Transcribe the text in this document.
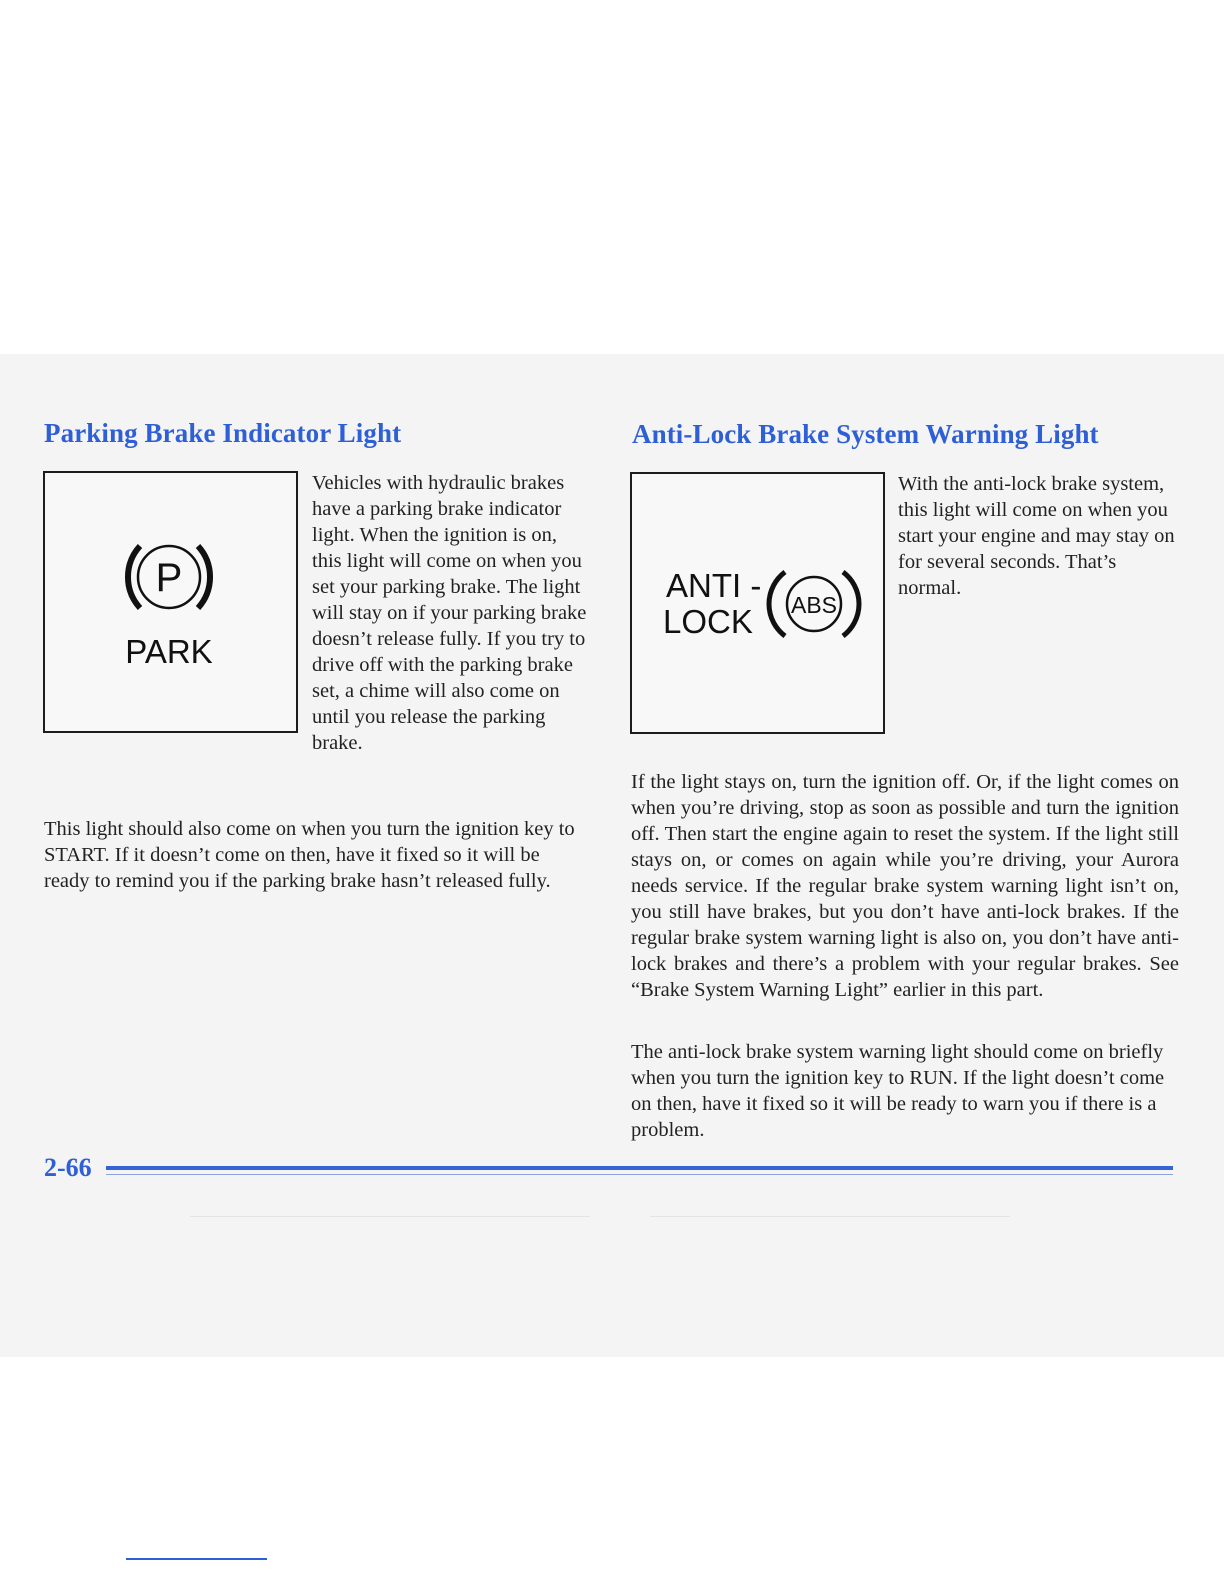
Parking Brake Indicator Light
P
PARK

Vehicles with hydraulic brakes have a parking brake indicator light. When the ignition is on, this light will come on when you set your parking brake. The light will stay on if your parking brake doesn’t release fully. If you try to drive off with the parking brake set, a chime will also come on until you release the parking brake.

This light should also come on when you turn the ignition key to START. If it doesn’t come on then, have it fixed so it will be ready to remind you if the parking brake hasn’t released fully.

Anti-Lock Brake System Warning Light
ANTI -
LOCK ABS

With the anti-lock brake system, this light will come on when you start your engine and may stay on for several seconds. That’s normal.

If the light stays on, turn the ignition off. Or, if the light comes on when you’re driving, stop as soon as possible and turn the ignition off. Then start the engine again to reset the system. If the light still stays on, or comes on again while you’re driving, your Aurora needs service. If the regular brake system warning light isn’t on, you still have brakes, but you don’t have anti-lock brakes. If the regular brake system warning light is also on, you don’t have anti-lock brakes and there’s a problem with your regular brakes. See “Brake System Warning Light” earlier in this part.

The anti-lock brake system warning light should come on briefly when you turn the ignition key to RUN. If the light doesn’t come on then, have it fixed so it will be ready to warn you if there is a problem.

2-66
